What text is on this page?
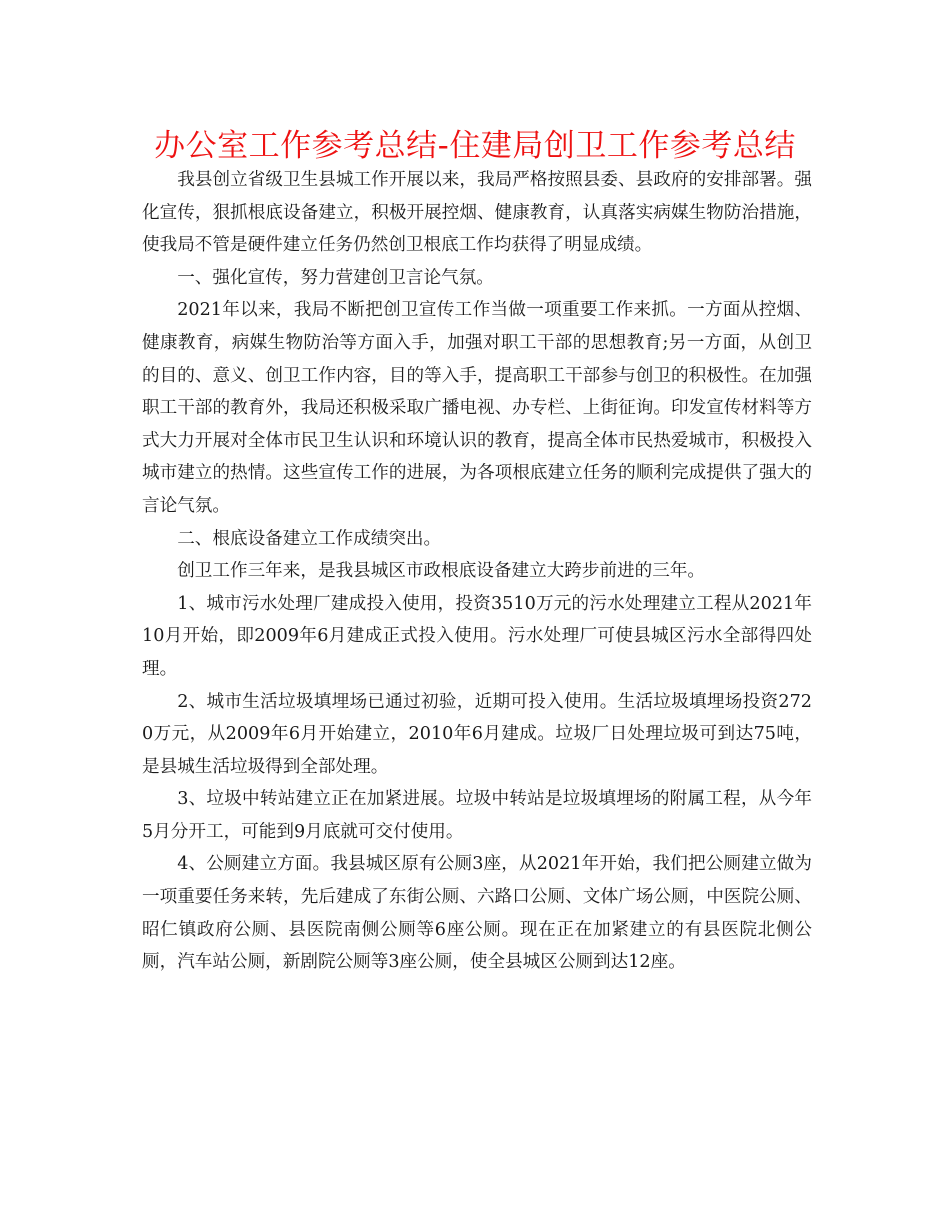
办公室工作参考总结-住建局创卫工作参考总结

我县创立省级卫生县城工作开展以来，我局严格按照县委、县政府的安排部署。强化宣传，狠抓根底设备建立，积极开展控烟、健康教育，认真落实病媒生物防治措施，使我局不管是硬件建立任务仍然创卫根底工作均获得了明显成绩。

一、强化宣传，努力营建创卫言论气氛。

2021年以来，我局不断把创卫宣传工作当做一项重要工作来抓。一方面从控烟、健康教育，病媒生物防治等方面入手，加强对职工干部的思想教育;另一方面，从创卫的目的、意义、创卫工作内容，目的等入手，提高职工干部参与创卫的积极性。在加强职工干部的教育外，我局还积极采取广播电视、办专栏、上街征询。印发宣传材料等方式大力开展对全体市民卫生认识和环境认识的教育，提高全体市民热爱城市，积极投入城市建立的热情。这些宣传工作的进展，为各项根底建立任务的顺利完成提供了强大的言论气氛。

二、根底设备建立工作成绩突出。

创卫工作三年来，是我县城区市政根底设备建立大跨步前进的三年。

1、城市污水处理厂建成投入使用，投资3510万元的污水处理建立工程从2021年10月开始，即2009年6月建成正式投入使用。污水处理厂可使县城区污水全部得四处理。

2、城市生活垃圾填埋场已通过初验，近期可投入使用。生活垃圾填埋场投资2720万元，从2009年6月开始建立，2010年6月建成。垃圾厂日处理垃圾可到达75吨，是县城生活垃圾得到全部处理。

3、垃圾中转站建立正在加紧进展。垃圾中转站是垃圾填埋场的附属工程，从今年5月分开工，可能到9月底就可交付使用。

4、公厕建立方面。我县城区原有公厕3座，从2021年开始，我们把公厕建立做为一项重要任务来转，先后建成了东街公厕、六路口公厕、文体广场公厕，中医院公厕、昭仁镇政府公厕、县医院南侧公厕等6座公厕。现在正在加紧建立的有县医院北侧公厕，汽车站公厕，新剧院公厕等3座公厕，使全县城区公厕到达12座。
